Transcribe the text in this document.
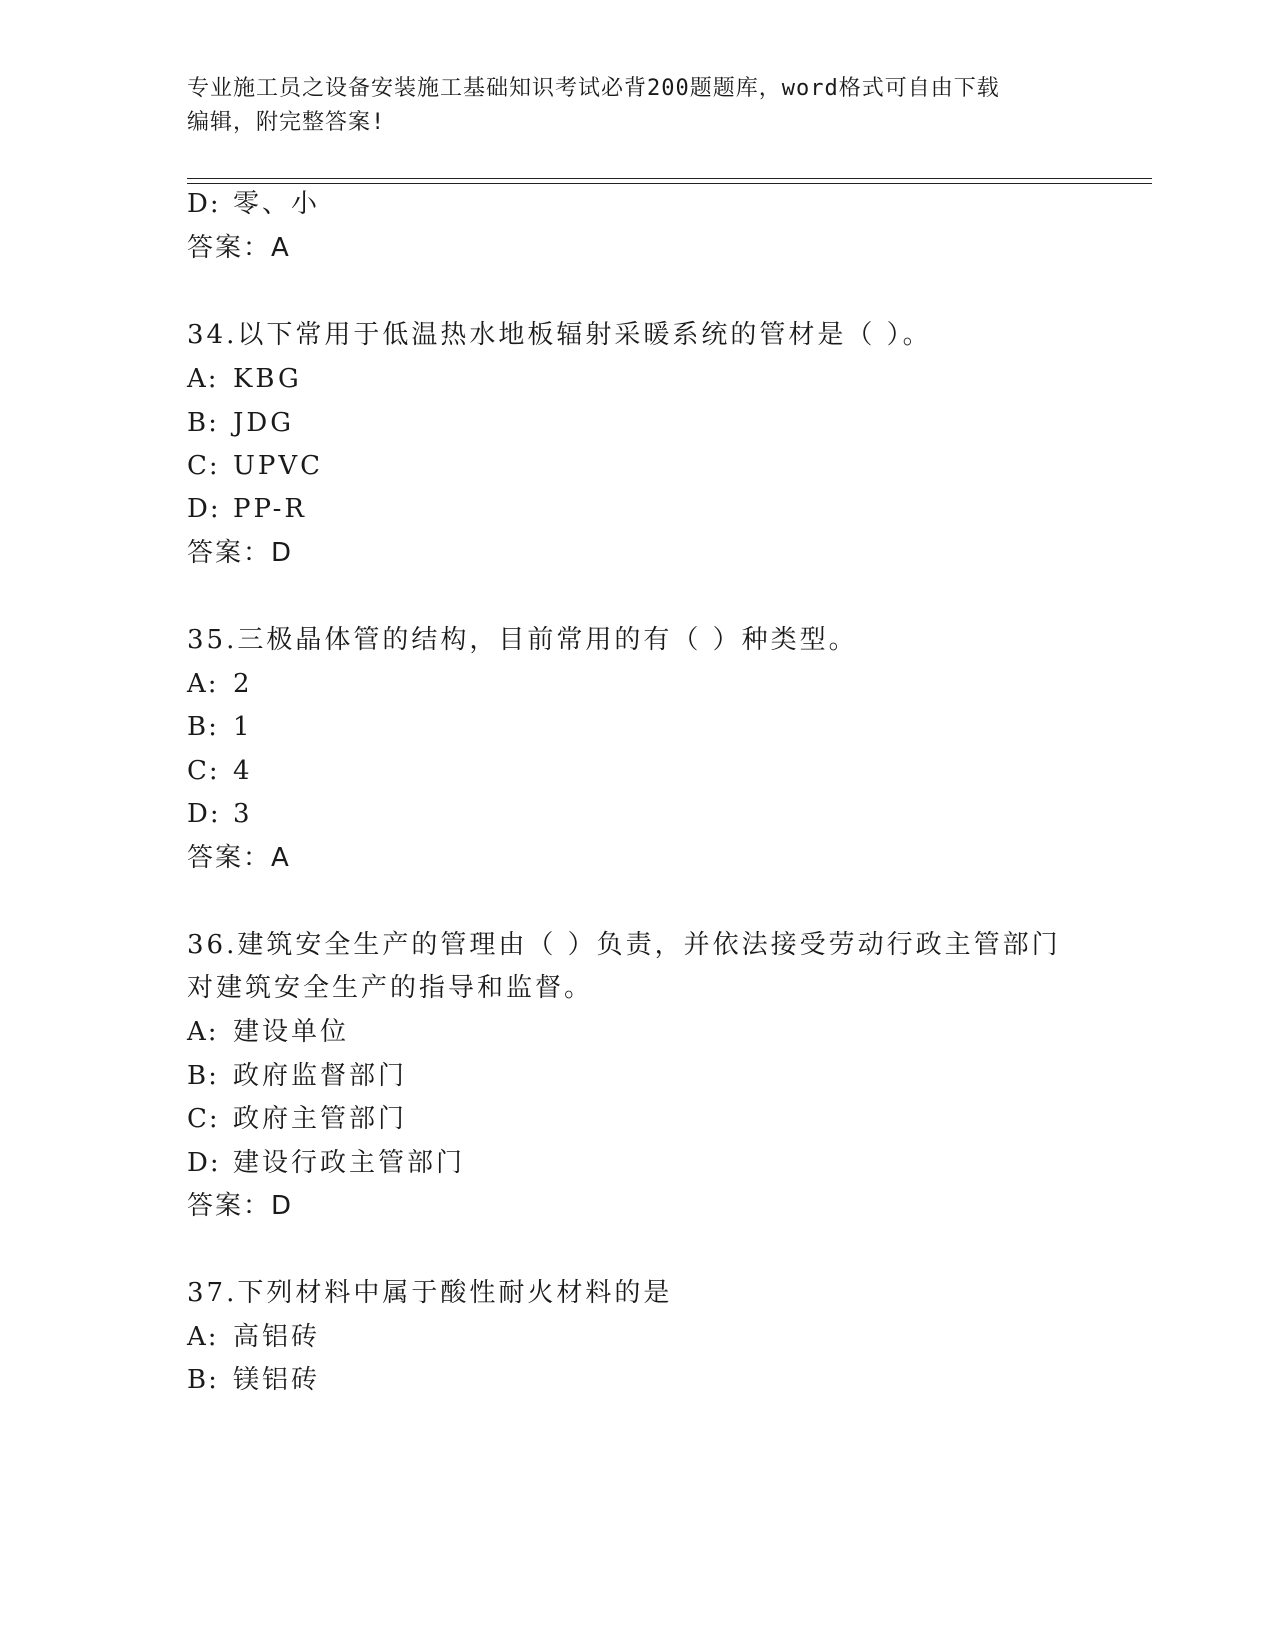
专业施工员之设备安装施工基础知识考试必背200题题库，word格式可自由下载
编辑，附完整答案!
D: 零、小
答案：A
34.以下常用于低温热水地板辐射采暖系统的管材是（ ）。
A: KBG
B: JDG
C: UPVC
D: PP-R
答案：D
35.三极晶体管的结构，目前常用的有（ ）种类型。
A: 2
B: 1
C: 4
D: 3
答案：A
36.建筑安全生产的管理由（ ）负责，并依法接受劳动行政主管部门
对建筑安全生产的指导和监督。
A: 建设单位
B: 政府监督部门
C: 政府主管部门
D: 建设行政主管部门
答案：D
37.下列材料中属于酸性耐火材料的是
A: 高铝砖
B: 镁铝砖
